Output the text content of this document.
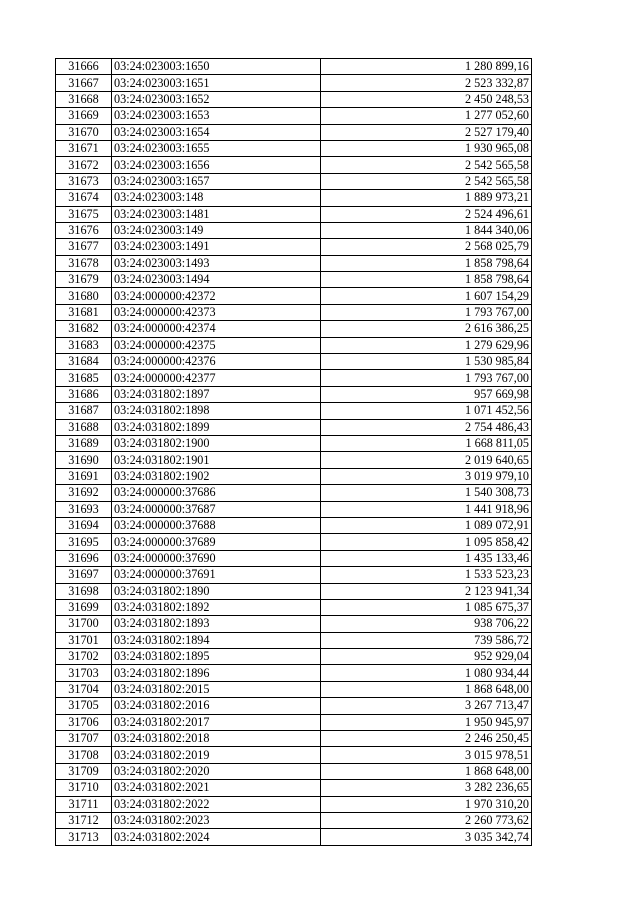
31666	03:24:023003:1650	1 280 899,16
31667	03:24:023003:1651	2 523 332,87
31668	03:24:023003:1652	2 450 248,53
31669	03:24:023003:1653	1 277 052,60
31670	03:24:023003:1654	2 527 179,40
31671	03:24:023003:1655	1 930 965,08
31672	03:24:023003:1656	2 542 565,58
31673	03:24:023003:1657	2 542 565,58
31674	03:24:023003:148	1 889 973,21
31675	03:24:023003:1481	2 524 496,61
31676	03:24:023003:149	1 844 340,06
31677	03:24:023003:1491	2 568 025,79
31678	03:24:023003:1493	1 858 798,64
31679	03:24:023003:1494	1 858 798,64
31680	03:24:000000:42372	1 607 154,29
31681	03:24:000000:42373	1 793 767,00
31682	03:24:000000:42374	2 616 386,25
31683	03:24:000000:42375	1 279 629,96
31684	03:24:000000:42376	1 530 985,84
31685	03:24:000000:42377	1 793 767,00
31686	03:24:031802:1897	957 669,98
31687	03:24:031802:1898	1 071 452,56
31688	03:24:031802:1899	2 754 486,43
31689	03:24:031802:1900	1 668 811,05
31690	03:24:031802:1901	2 019 640,65
31691	03:24:031802:1902	3 019 979,10
31692	03:24:000000:37686	1 540 308,73
31693	03:24:000000:37687	1 441 918,96
31694	03:24:000000:37688	1 089 072,91
31695	03:24:000000:37689	1 095 858,42
31696	03:24:000000:37690	1 435 133,46
31697	03:24:000000:37691	1 533 523,23
31698	03:24:031802:1890	2 123 941,34
31699	03:24:031802:1892	1 085 675,37
31700	03:24:031802:1893	938 706,22
31701	03:24:031802:1894	739 586,72
31702	03:24:031802:1895	952 929,04
31703	03:24:031802:1896	1 080 934,44
31704	03:24:031802:2015	1 868 648,00
31705	03:24:031802:2016	3 267 713,47
31706	03:24:031802:2017	1 950 945,97
31707	03:24:031802:2018	2 246 250,45
31708	03:24:031802:2019	3 015 978,51
31709	03:24:031802:2020	1 868 648,00
31710	03:24:031802:2021	3 282 236,65
31711	03:24:031802:2022	1 970 310,20
31712	03:24:031802:2023	2 260 773,62
31713	03:24:031802:2024	3 035 342,74
